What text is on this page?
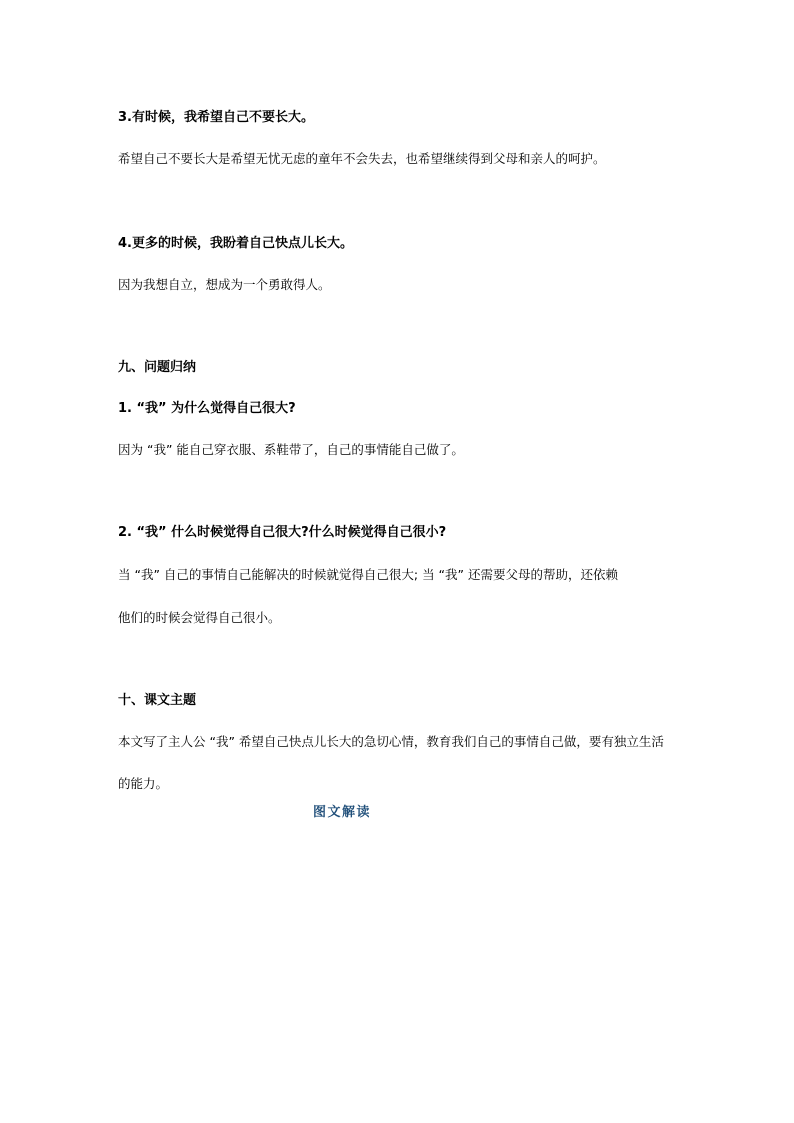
3.有时候，我希望自己不要长大。
希望自己不要长大是希望无忧无虑的童年不会失去，也希望继续得到父母和亲人的呵护。
4.更多的时候，我盼着自己快点儿长大。
因为我想自立，想成为一个勇敢得人。
九、问题归纳
1. “我” 为什么觉得自己很大?
因为 “我” 能自己穿衣服、系鞋带了，自己的事情能自己做了。
2. “我” 什么时候觉得自己很大?什么时候觉得自己很小?
当 “我” 自己的事情自己能解决的时候就觉得自己很大; 当 “我” 还需要父母的帮助，还依赖
他们的时候会觉得自己很小。
十、课文主题
本文写了主人公 “我” 希望自己快点儿长大的急切心情，教育我们自己的事情自己做，要有独立生活
的能力。
图文解读
